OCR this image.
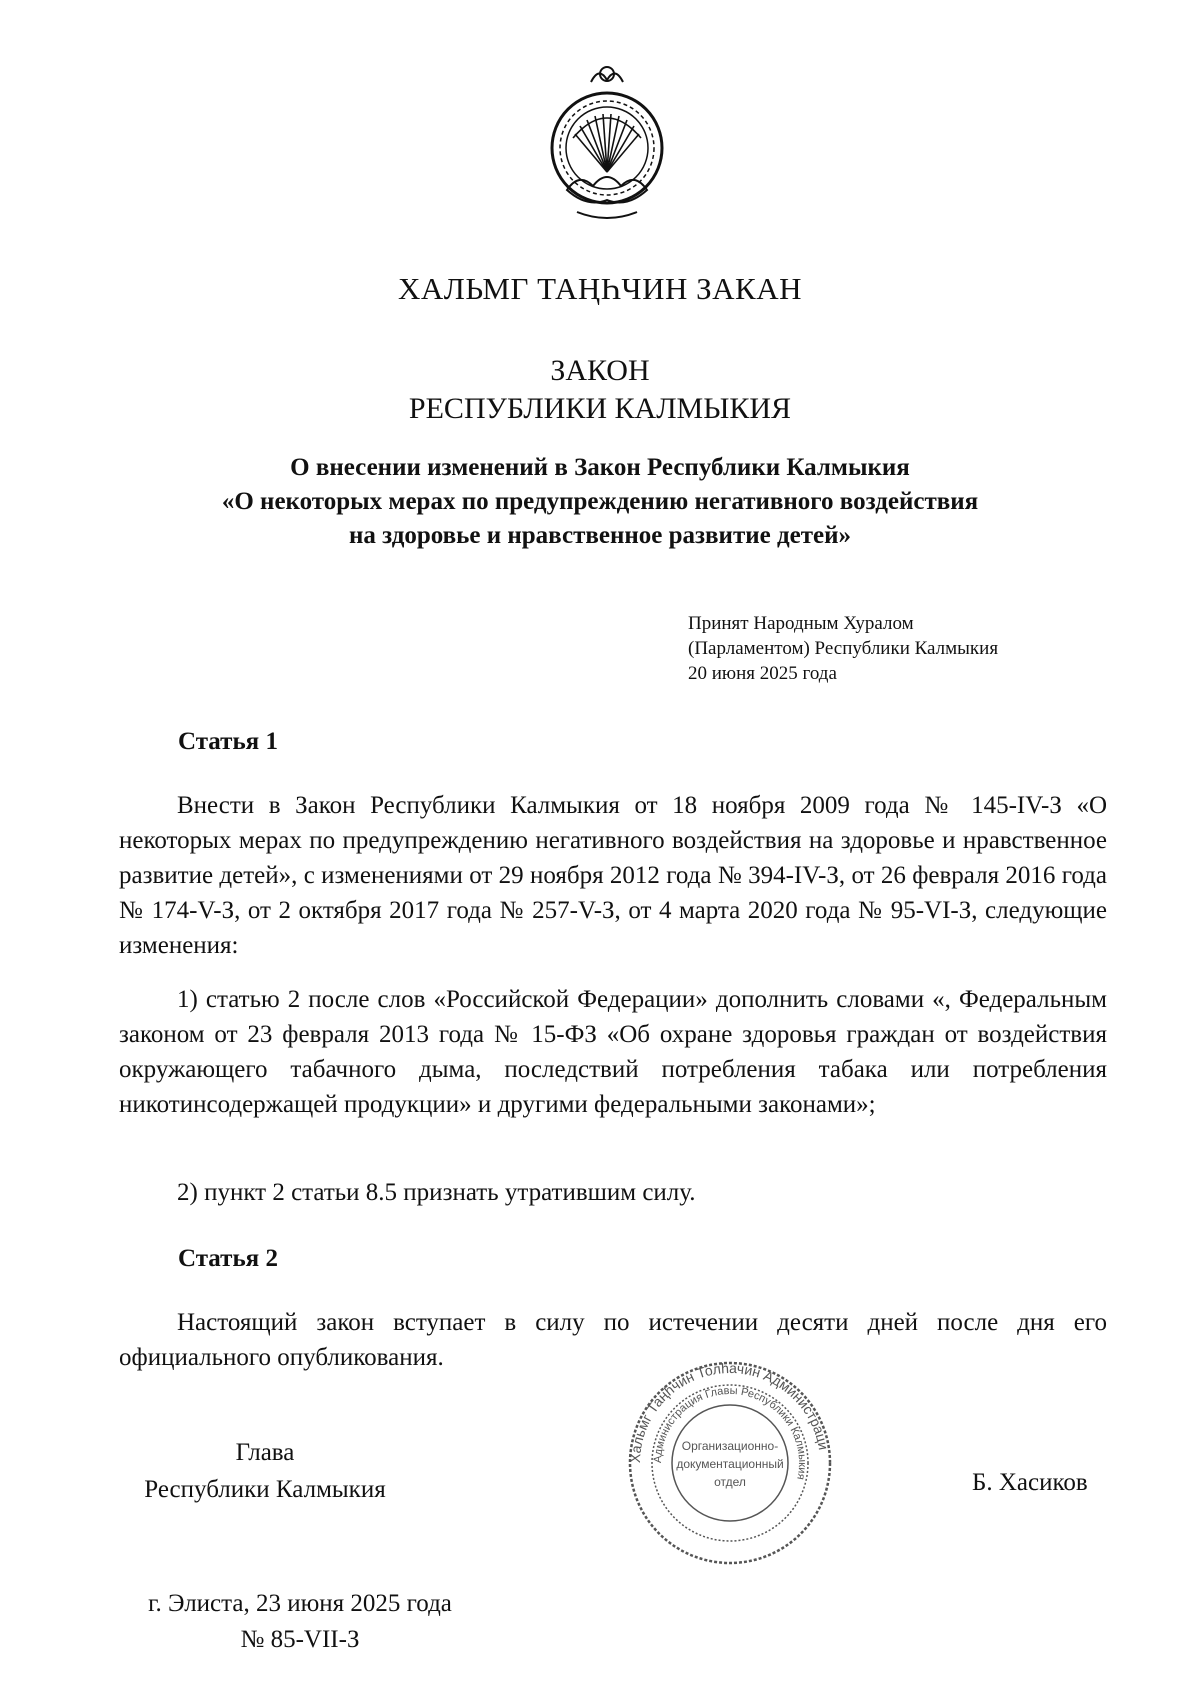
ХАЛЬМГ ТАҢҺЧИН ЗАКАН
ЗАКОН
РЕСПУБЛИКИ КАЛМЫКИЯ
О внесении изменений в Закон Республики Калмыкия
«О некоторых мерах по предупреждению негативного воздействия
на здоровье и нравственное развитие детей»
Принят Народным Хуралом
(Парламентом) Республики Калмыкия
20 июня 2025 года
Статья 1
Внести в Закон Республики Калмыкия от 18 ноября 2009 года № 145-IV-З «О некоторых мерах по предупреждению негативного воздействия на здоровье и нравственное развитие детей», с изменениями от 29 ноября 2012 года № 394-IV-З, от 26 февраля 2016 года № 174-V-З, от 2 октября 2017 года № 257-V-З, от 4 марта 2020 года № 95-VI-З, следующие изменения:
1) статью 2 после слов «Российской Федерации» дополнить словами «, Федеральным законом от 23 февраля 2013 года № 15-ФЗ «Об охране здоровья граждан от воздействия окружающего табачного дыма, последствий потребления табака или потребления никотинсодержащей продукции» и другими федеральными законами»;
2) пункт 2 статьи 8.5 признать утратившим силу.
Статья 2
Настоящий закон вступает в силу по истечении десяти дней после дня его официального опубликования.
Глава
Республики Калмыкия
Хальмг Таңһчин Толһачин Администраци
Администрация Главы Республики Калмыкия
Организационно-
документационный
отдел	Б. Хасиков
г. Элиста, 23 июня 2025 года
№ 85-VII-З
